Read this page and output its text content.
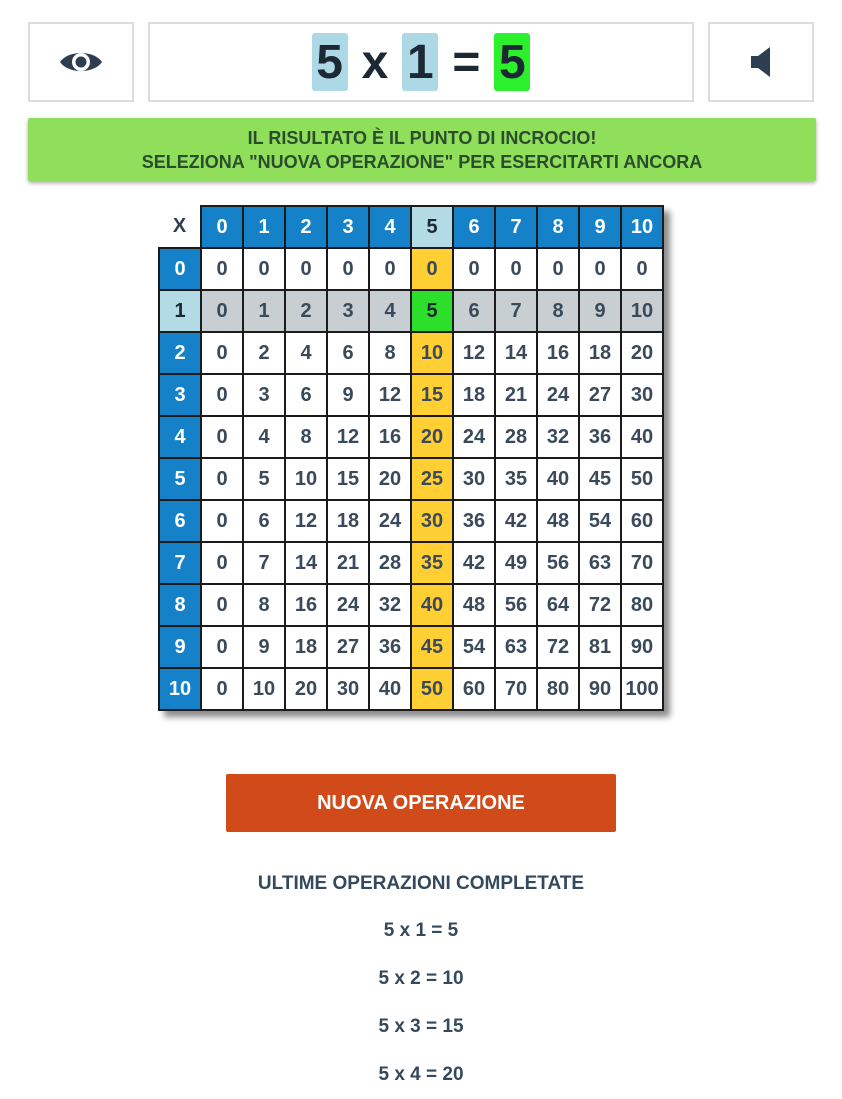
5 x 1 = 5
IL RISULTATO È IL PUNTO DI INCROCIO!
SELEZIONA "NUOVA OPERAZIONE" PER ESERCITARTI ANCORA
X	0	1	2	3	4	5	6	7	8	9	10
0	0	0	0	0	0	0	0	0	0	0	0
1	0	1	2	3	4	5	6	7	8	9	10
2	0	2	4	6	8	10	12	14	16	18	20
3	0	3	6	9	12	15	18	21	24	27	30
4	0	4	8	12	16	20	24	28	32	36	40
5	0	5	10	15	20	25	30	35	40	45	50
6	0	6	12	18	24	30	36	42	48	54	60
7	0	7	14	21	28	35	42	49	56	63	70
8	0	8	16	24	32	40	48	56	64	72	80
9	0	9	18	27	36	45	54	63	72	81	90
10	0	10	20	30	40	50	60	70	80	90	100
NUOVA OPERAZIONE
ULTIME OPERAZIONI COMPLETATE
5 x 1 = 5
5 x 2 = 10
5 x 3 = 15
5 x 4 = 20
